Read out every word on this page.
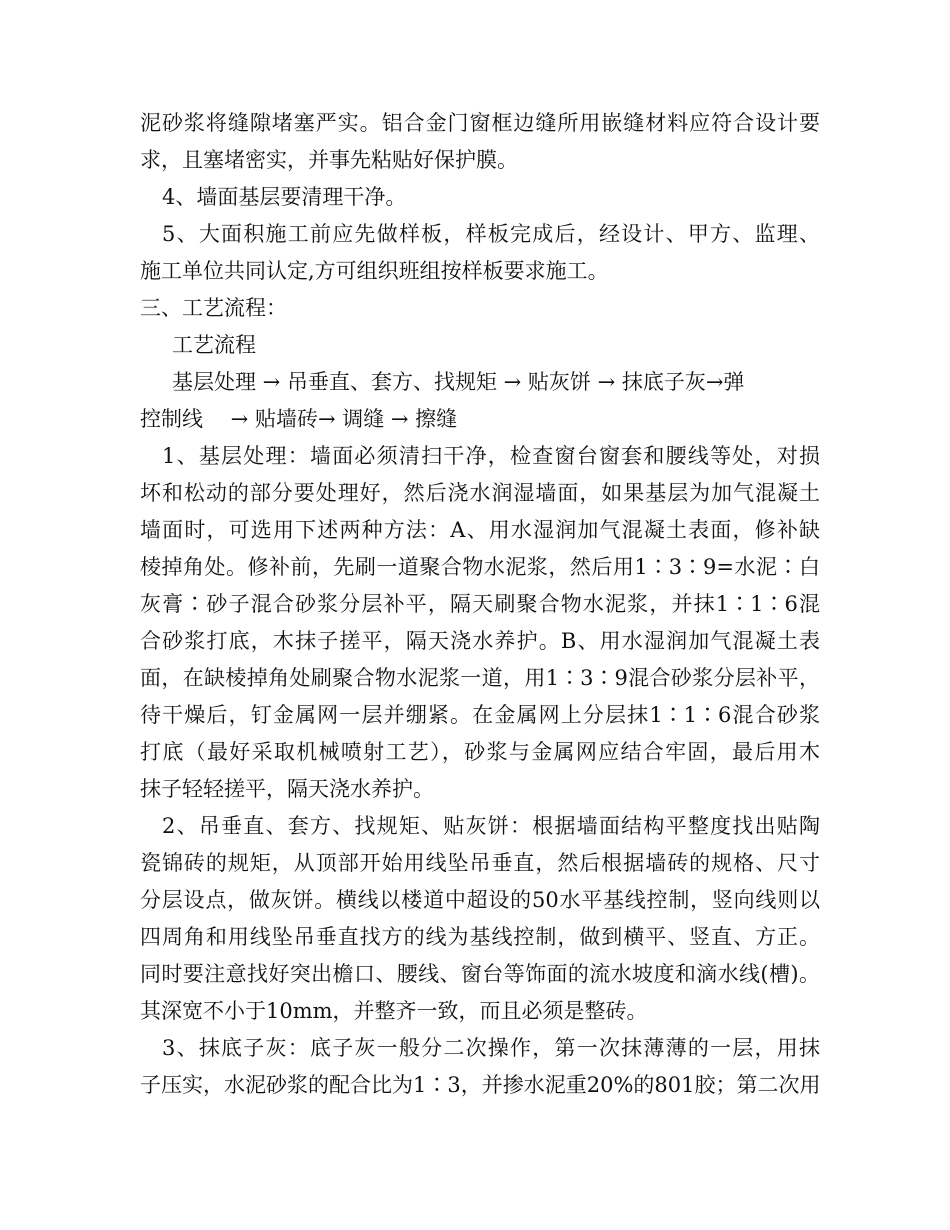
泥砂浆将缝隙堵塞严实。铝合金门窗框边缝所用嵌缝材料应符合设计要
求，且塞堵密实，并事先粘贴好保护膜。
4、墙面基层要清理干净。
5、大面积施工前应先做样板，样板完成后，经设计、甲方、监理、
施工单位共同认定,方可组织班组按样板要求施工。
三、工艺流程：
工艺流程
基层处理 → 吊垂直、套方、找规矩 → 贴灰饼 → 抹底子灰→弹
控制线　 → 贴墙砖→ 调缝 → 擦缝
1、基层处理：墙面必须清扫干净，检查窗台窗套和腰线等处，对损
坏和松动的部分要处理好，然后浇水润湿墙面，如果基层为加气混凝土
墙面时，可选用下述两种方法：A、用水湿润加气混凝土表面，修补缺
棱掉角处。修补前，先刷一道聚合物水泥浆，然后用1∶3∶9=水泥∶白
灰膏∶砂子混合砂浆分层补平，隔天刷聚合物水泥浆，并抹1∶1∶6混
合砂浆打底，木抹子搓平，隔天浇水养护。B、用水湿润加气混凝土表
面，在缺棱掉角处刷聚合物水泥浆一道，用1∶3∶9混合砂浆分层补平，
待干燥后，钉金属网一层并绷紧。在金属网上分层抹1∶1∶6混合砂浆
打底（最好采取机械喷射工艺），砂浆与金属网应结合牢固，最后用木
抹子轻轻搓平，隔天浇水养护。
2、吊垂直、套方、找规矩、贴灰饼：根据墙面结构平整度找出贴陶
瓷锦砖的规矩，从顶部开始用线坠吊垂直，然后根据墙砖的规格、尺寸
分层设点，做灰饼。横线以楼道中超设的50水平基线控制，竖向线则以
四周角和用线坠吊垂直找方的线为基线控制，做到横平、竖直、方正。
同时要注意找好突出檐口、腰线、窗台等饰面的流水坡度和滴水线(槽)。
其深宽不小于10mm，并整齐一致，而且必须是整砖。
3、抹底子灰：底子灰一般分二次操作，第一次抹薄薄的一层，用抹
子压实，水泥砂浆的配合比为1∶3，并掺水泥重20%的801胶；第二次用
